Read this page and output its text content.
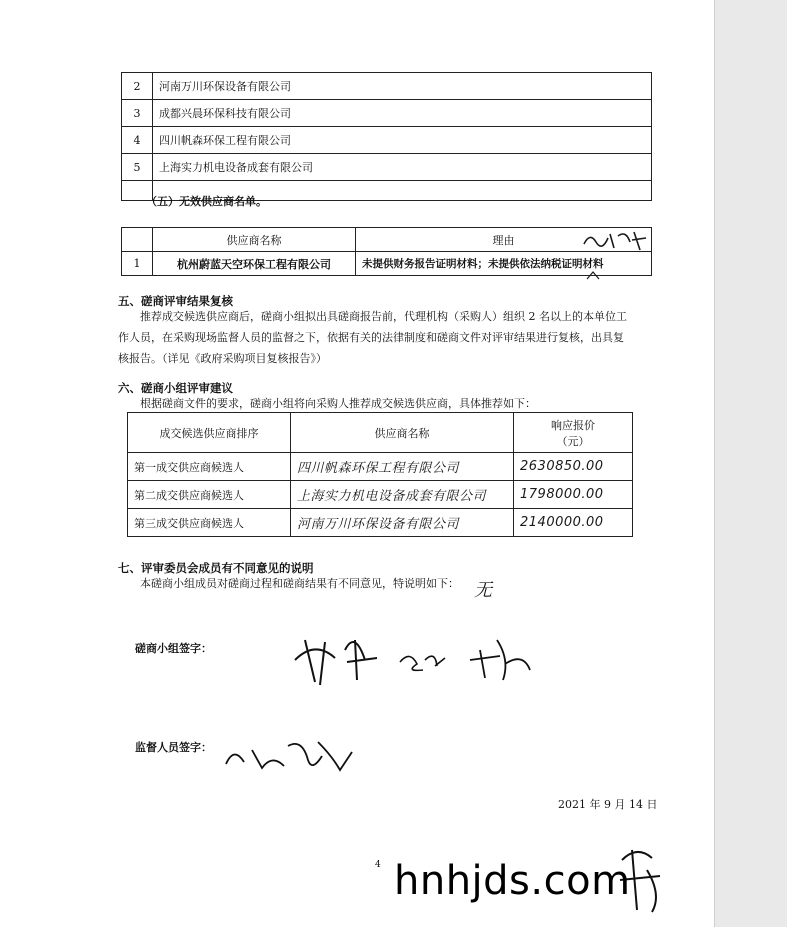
2	河南万川环保设备有限公司
3	成都兴晨环保科技有限公司
4	四川帆森环保工程有限公司
5	上海实力机电设备成套有限公司

（五）无效供应商名单。
	供应商名称	理由
1	杭州蔚蓝天空环保工程有限公司	未提供财务报告证明材料；未提供依法纳税证明材料
五、磋商评审结果复核
推荐成交候选供应商后，磋商小组拟出具磋商报告前，代理机构（采购人）组织 2 名以上的本单位工
作人员，在采购现场监督人员的监督之下，依据有关的法律制度和磋商文件对评审结果进行复核，出具复
核报告。（详见《政府采购项目复核报告》）
六、磋商小组评审建议
根据磋商文件的要求，磋商小组将向采购人推荐成交候选供应商，具体推荐如下：
成交候选供应商排序	供应商名称	响应报价
（元）

第一成交供应商候选人	四川帆森环保工程有限公司	2630850.00
第二成交供应商候选人	上海实力机电设备成套有限公司	1798000.00
第三成交供应商候选人	河南万川环保设备有限公司	2140000.00
七、评审委员会成员有不同意见的说明
本磋商小组成员对磋商过程和磋商结果有不同意见，特说明如下： 无
磋商小组签字：
监督人员签字：
2021 年 9 月 14 日
4 hnhjds.com
